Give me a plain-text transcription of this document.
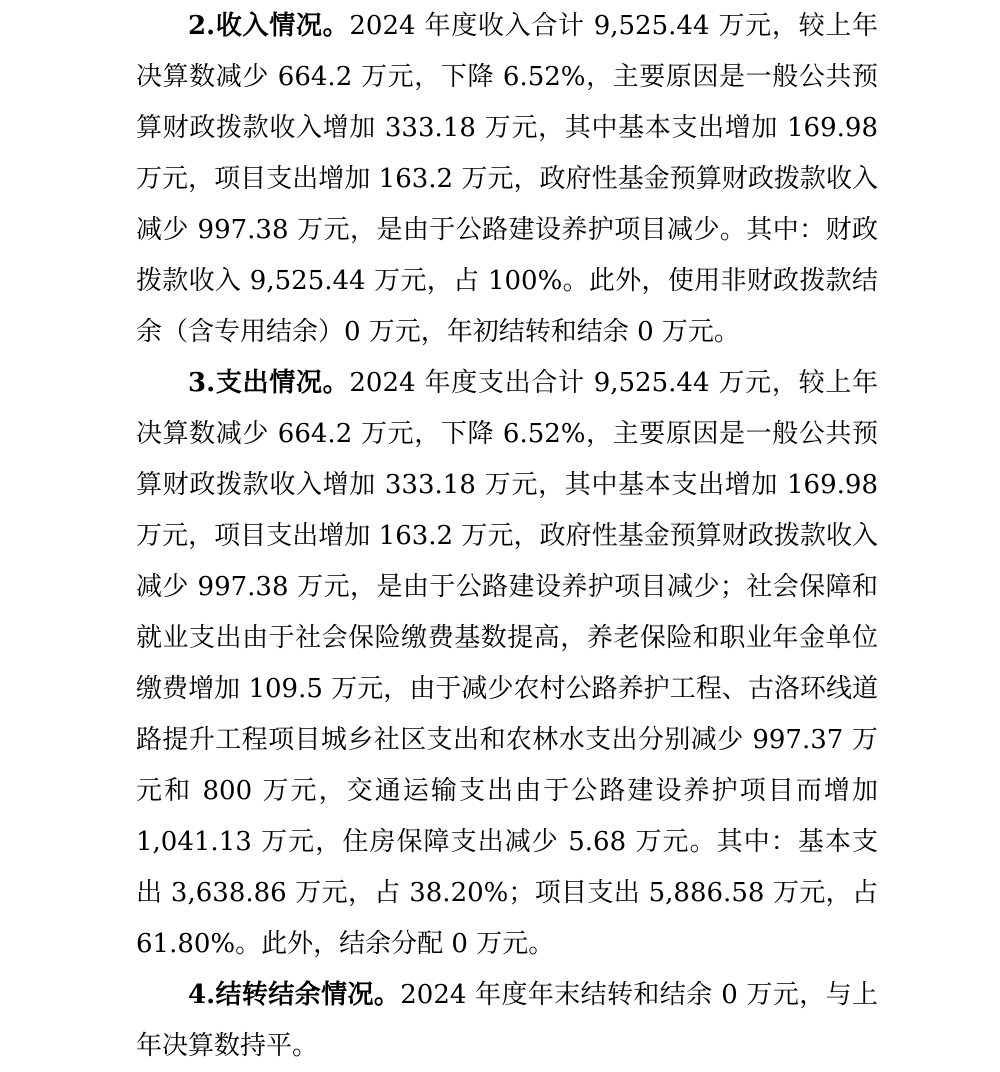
2.收入情况。2024 年度收入合计 9,525.44 万元，较上年决算数减少 664.2 万元，下降 6.52%，主要原因是一般公共预算财政拨款收入增加 333.18 万元，其中基本支出增加 169.98 万元，项目支出增加 163.2 万元，政府性基金预算财政拨款收入减少 997.38 万元，是由于公路建设养护项目减少。其中：财政拨款收入 9,525.44 万元，占 100%。此外，使用非财政拨款结余（含专用结余）0 万元，年初结转和结余 0 万元。

3.支出情况。2024 年度支出合计 9,525.44 万元，较上年决算数减少 664.2 万元，下降 6.52%，主要原因是一般公共预算财政拨款收入增加 333.18 万元，其中基本支出增加 169.98 万元，项目支出增加 163.2 万元，政府性基金预算财政拨款收入减少 997.38 万元，是由于公路建设养护项目减少；社会保障和就业支出由于社会保险缴费基数提高，养老保险和职业年金单位缴费增加 109.5 万元，由于减少农村公路养护工程、古洛环线道路提升工程项目城乡社区支出和农林水支出分别减少 997.37 万元和 800 万元，交通运输支出由于公路建设养护项目而增加 1,041.13 万元，住房保障支出减少 5.68 万元。其中：基本支出 3,638.86 万元，占 38.20%；项目支出 5,886.58 万元，占 61.80%。此外，结余分配 0 万元。

4.结转结余情况。2024 年度年末结转和结余 0 万元，与上年决算数持平。
